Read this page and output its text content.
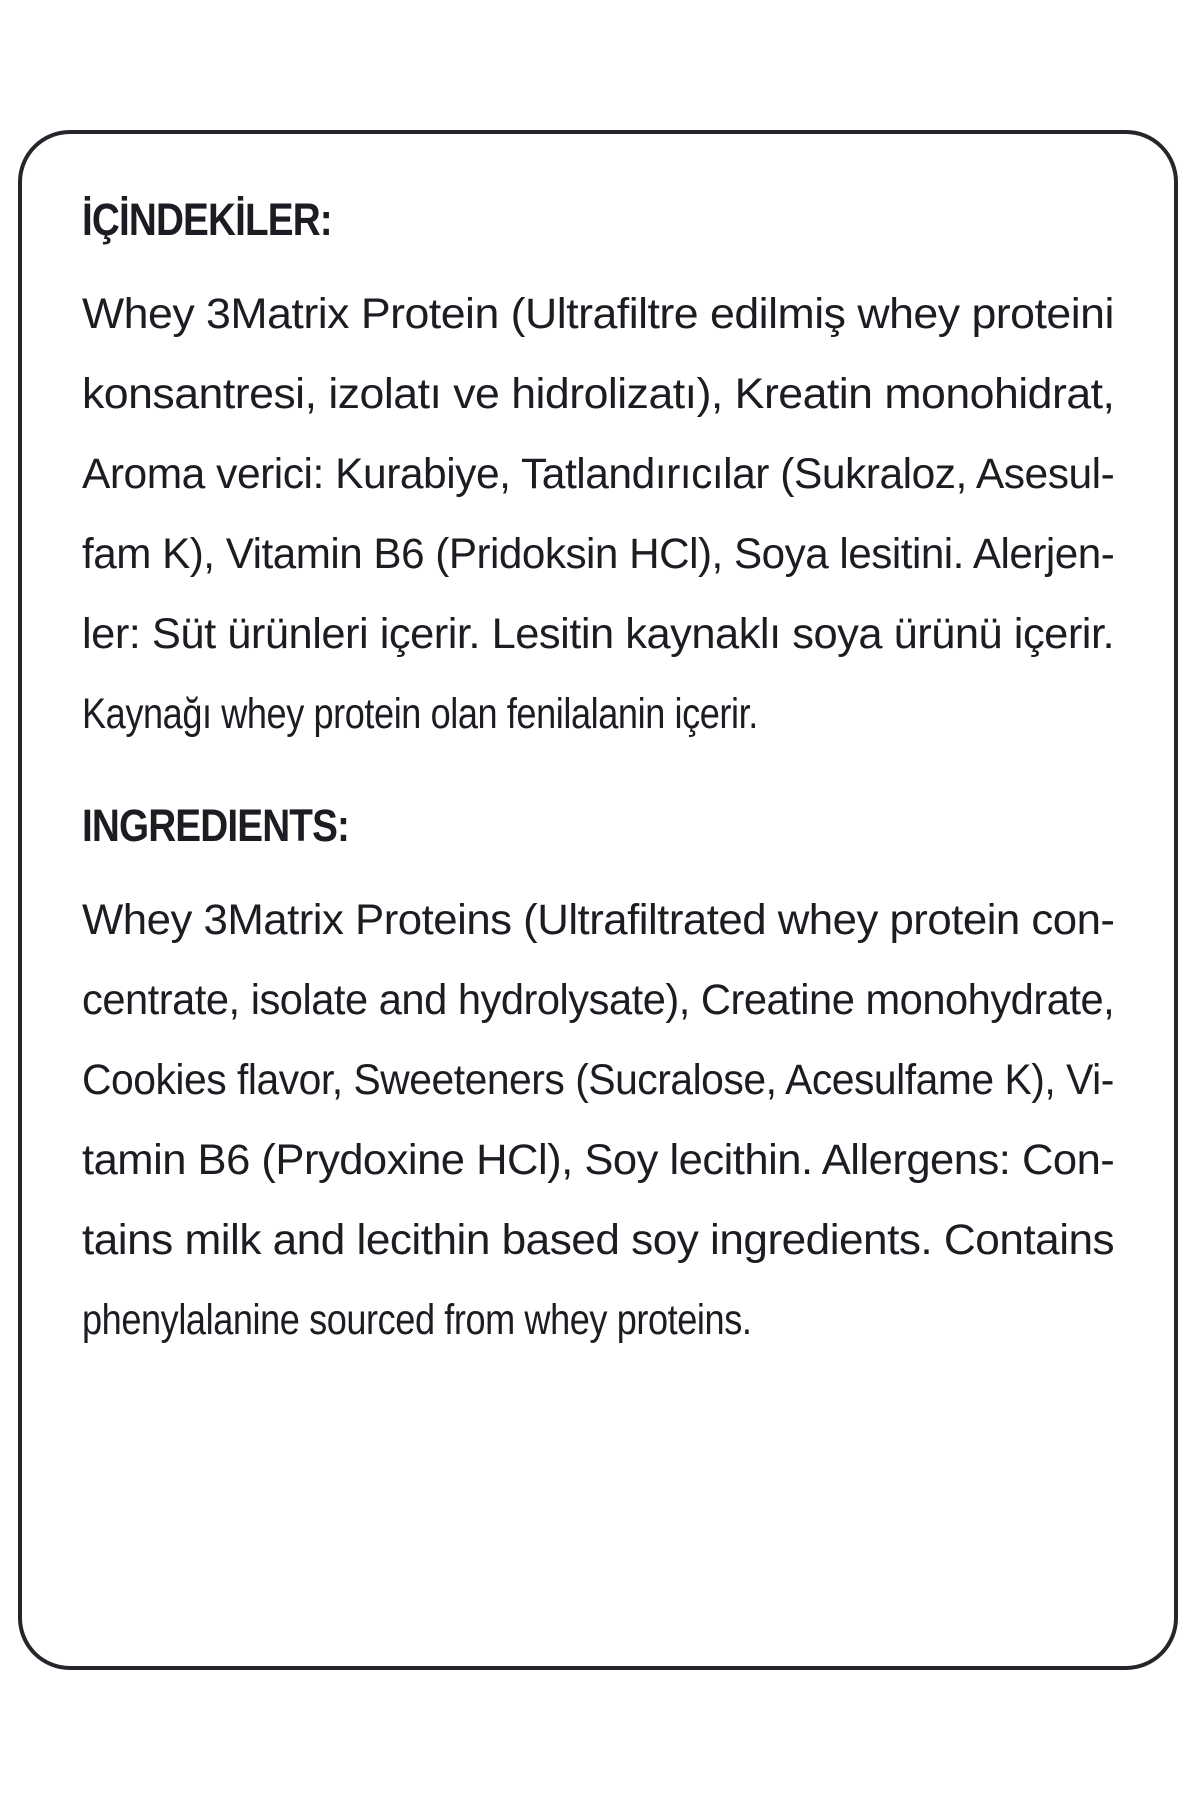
İÇİNDEKİLER:
Whey 3Matrix Protein (Ultrafiltre edilmiş whey proteini
konsantresi, izolatı ve hidrolizatı), Kreatin monohidrat,
Aroma verici: Kurabiye, Tatlandırıcılar (Sukraloz, Asesul-
fam K), Vitamin B6 (Pridoksin HCl), Soya lesitini. Alerjen-
ler: Süt ürünleri içerir. Lesitin kaynaklı soya ürünü içerir.
Kaynağı whey protein olan fenilalanin içerir.
INGREDIENTS:
Whey 3Matrix Proteins (Ultrafiltrated whey protein con-
centrate, isolate and hydrolysate), Creatine monohydrate,
Cookies flavor, Sweeteners (Sucralose, Acesulfame K), Vi-
tamin B6 (Prydoxine HCl), Soy lecithin. Allergens: Con-
tains milk and lecithin based soy ingredients. Contains
phenylalanine sourced from whey proteins.
